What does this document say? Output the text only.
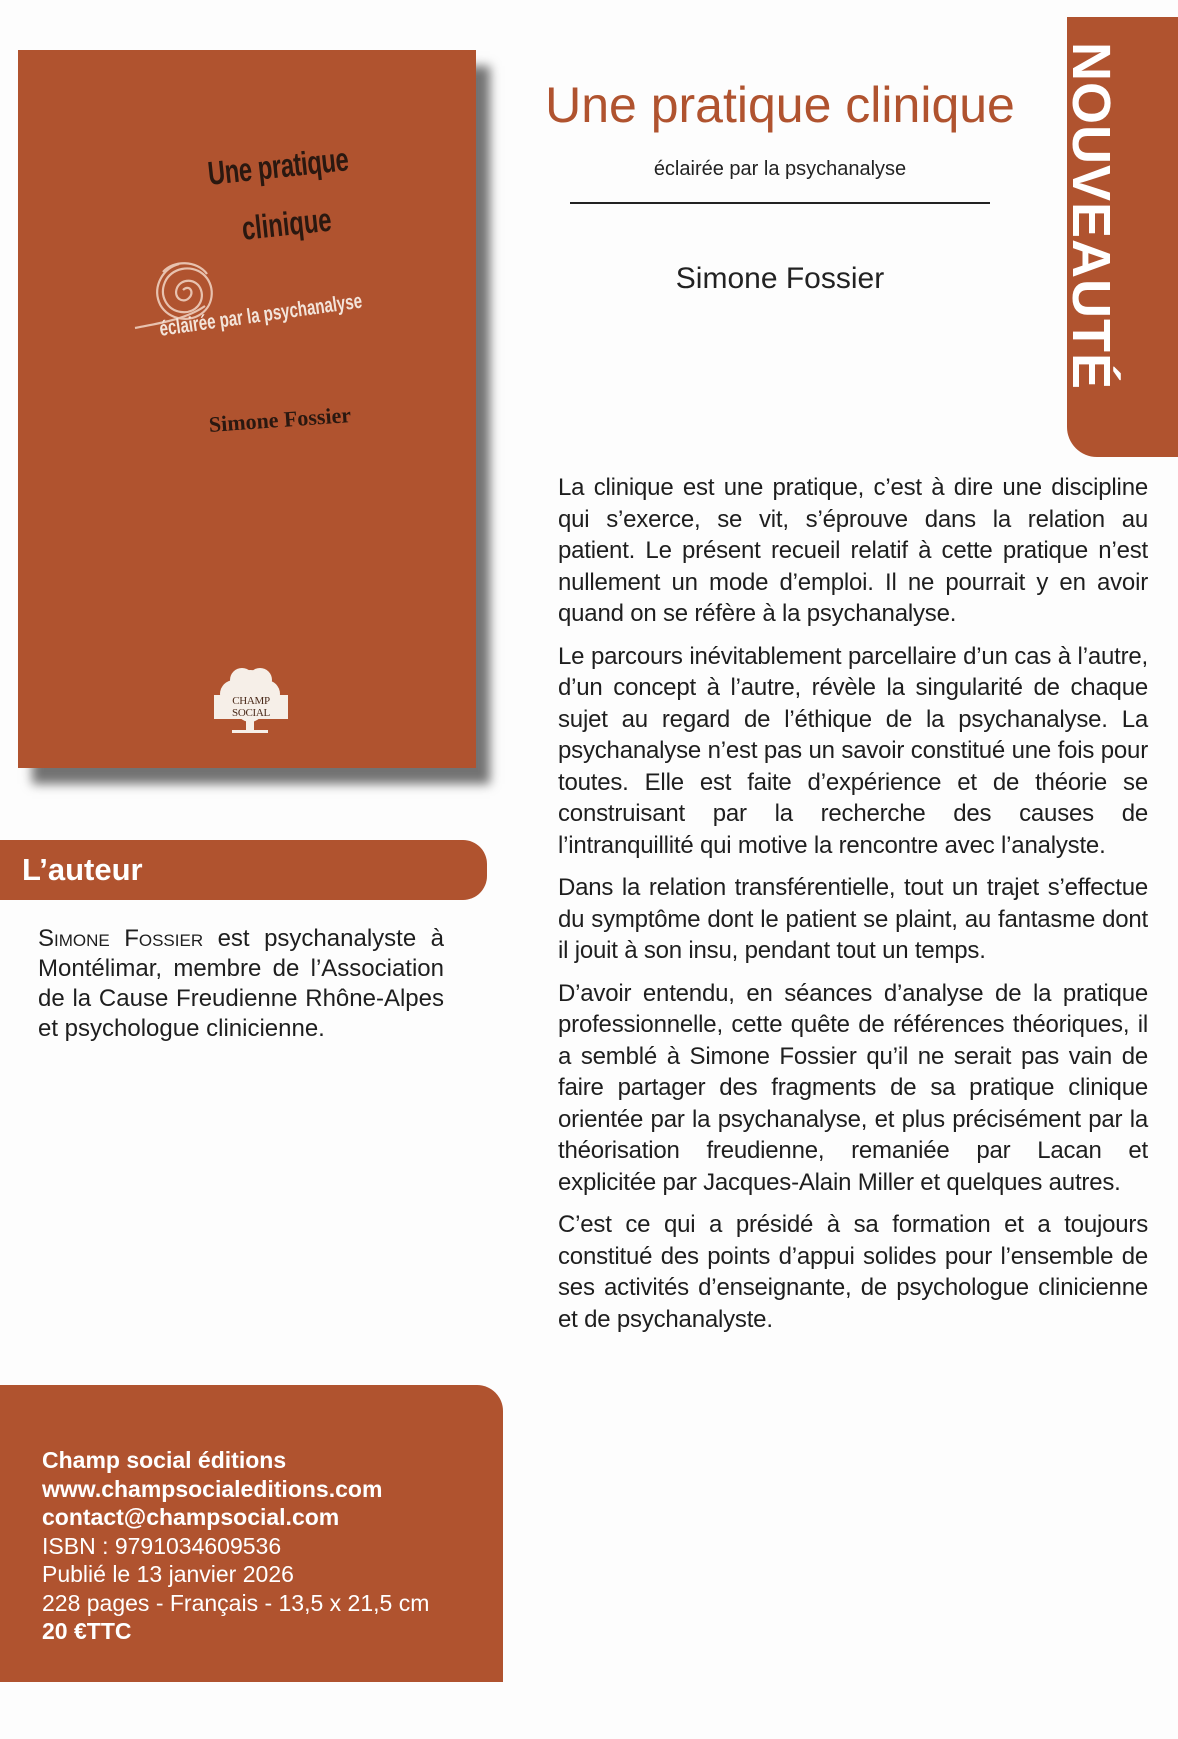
Une pratique
clinique
éclairée par la psychanalyse
Simone Fossier
CHAMP SOCIAL
Une pratique clinique
éclairée par la psychanalyse
Simone Fossier	NOUVEAUTÉ
L’auteur
Simone Fossier est psychanalyste à Montélimar, membre de l’Association de la Cause Freudienne Rhône-Alpes et psychologue clinicienne.

La clinique est une pratique, c’est à dire une discipline qui s’exerce, se vit, s’éprouve dans la relation au patient. Le présent recueil relatif à cette pratique n’est nullement un mode d’emploi. Il ne pourrait y en avoir quand on se réfère à la psychanalyse.

Le parcours inévitablement parcellaire d’un cas à l’autre, d’un concept à l’autre, révèle la singularité de chaque sujet au regard de l’éthique de la psychanalyse. La psychanalyse n’est pas un savoir constitué une fois pour toutes. Elle est faite d’expérience et de théorie se construisant par la recherche des causes de l’intranquillité qui motive la rencontre avec l’analyste.

Dans la relation transférentielle, tout un trajet s’effectue du symptôme dont le patient se plaint, au fantasme dont il jouit à son insu, pendant tout un temps.

D’avoir entendu, en séances d’analyse de la pratique professionnelle, cette quête de références théoriques, il a semblé à Simone Fossier qu’il ne serait pas vain de faire partager des fragments de sa pratique clinique orientée par la psychanalyse, et plus précisément par la théorisation freudienne, remaniée par Lacan et explicitée par Jacques-Alain Miller et quelques autres.

C’est ce qui a présidé à sa formation et a toujours constitué des points d’appui solides pour l’ensemble de ses activités d’enseignante, de psychologue clinicienne et de psychanalyste.

Champ social éditions
www.champsocialeditions.com
contact@champsocial.com
ISBN : 9791034609536
Publié le 13 janvier 2026
228 pages - Français - 13,5 x 21,5 cm
20 €TTC
